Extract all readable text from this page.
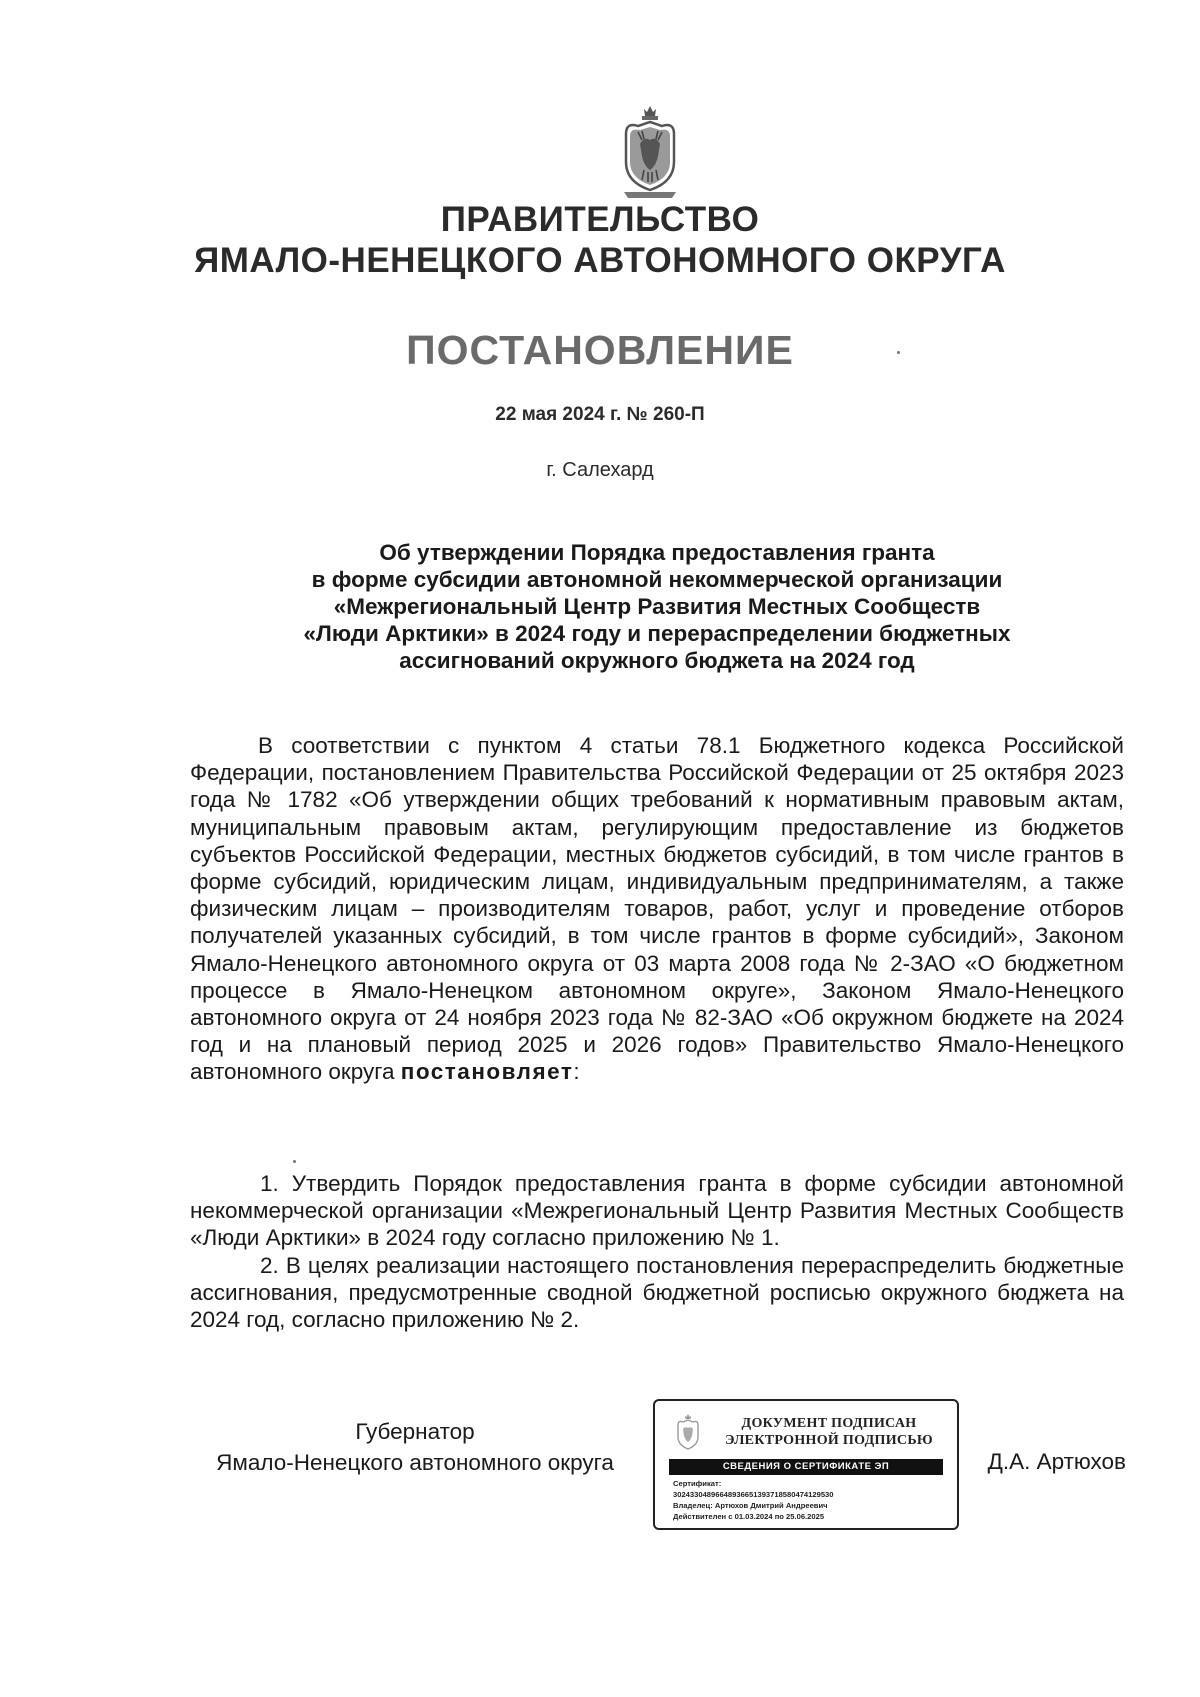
ПРАВИТЕЛЬСТВО
ЯМАЛО-НЕНЕЦКОГО АВТОНОМНОГО ОКРУГА
ПОСТАНОВЛЕНИЕ
22 мая 2024 г. № 260-П
г. Салехард
Об утверждении Порядка предоставления гранта
в форме субсидии автономной некоммерческой организации
«Межрегиональный Центр Развития Местных Сообществ
«Люди Арктики» в 2024 году и перераспределении бюджетных
ассигнований окружного бюджета на 2024 год

В соответствии с пунктом 4 статьи 78.1 Бюджетного кодекса Российской Федерации, постановлением Правительства Российской Федерации от 25 октября 2023 года № 1782 «Об утверждении общих требований к нормативным правовым актам, муниципальным правовым актам, регулирующим предоставление из бюджетов субъектов Российской Федерации, местных бюджетов субсидий, в том числе грантов в форме субсидий, юридическим лицам, индивидуальным предпринимателям, а также физическим лицам – производителям товаров, работ, услуг и проведение отборов получателей указанных субсидий, в том числе грантов в форме субсидий», Законом Ямало-Ненецкого автономного округа от 03 марта 2008 года № 2-ЗАО «О бюджетном процессе в Ямало-Ненецком автономном округе», Законом Ямало-Ненецкого автономного округа от 24 ноября 2023 года № 82-ЗАО «Об окружном бюджете на 2024 год и на плановый период 2025 и 2026 годов» Правительство Ямало-Ненецкого автономного округа постановляет:

1. Утвердить Порядок предоставления гранта в форме субсидии автономной некоммерческой организации «Межрегиональный Центр Развития Местных Сообществ «Люди Арктики» в 2024 году согласно приложению № 1.

2. В целях реализации настоящего постановления перераспределить бюджетные ассигнования, предусмотренные сводной бюджетной росписью окружного бюджета на 2024 год, согласно приложению № 2.

Губернатор
Ямало-Ненецкого автономного округа
ДОКУМЕНТ ПОДПИСАН
ЭЛЕКТРОННОЙ ПОДПИСЬЮ
СВЕДЕНИЯ О СЕРТИФИКАТЕ ЭП
Сертификат:
30243304896648936651393718580474129530
Владелец: Артюхов Дмитрий Андреевич
Действителен с 01.03.2024 по 25.06.2025
Д.А. Артюхов
